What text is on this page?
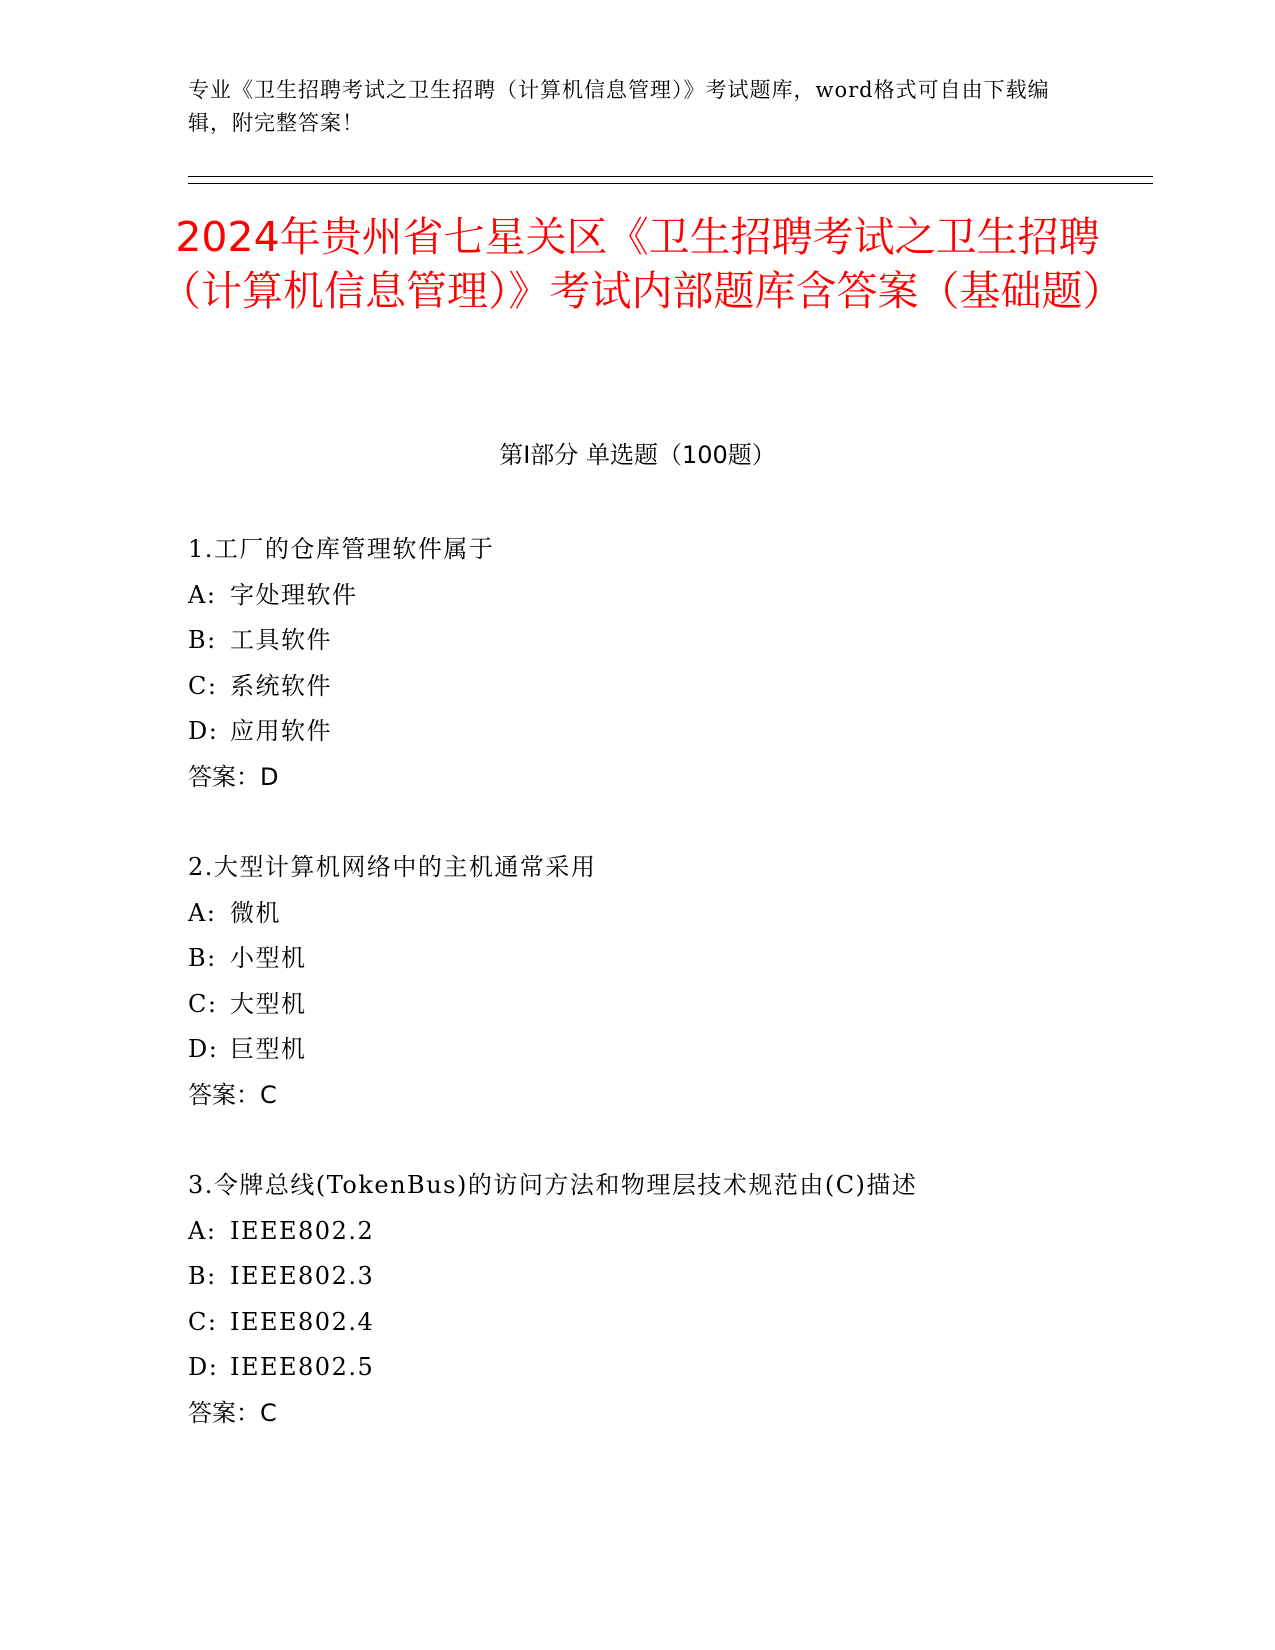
专业《卫生招聘考试之卫生招聘（计算机信息管理）》考试题库，word格式可自由下载编辑，附完整答案！

2024年贵州省七星关区《卫生招聘考试之卫生招聘（计算机信息管理）》考试内部题库含答案（基础题）
第Ⅰ部分 单选题（100题）
1.工厂的仓库管理软件属于
A: 字处理软件
B: 工具软件
C: 系统软件
D: 应用软件
答案：D
2.大型计算机网络中的主机通常采用
A: 微机
B: 小型机
C: 大型机
D: 巨型机
答案：C
3.令牌总线(TokenBus)的访问方法和物理层技术规范由(C)描述
A: IEEE802.2
B: IEEE802.3
C: IEEE802.4
D: IEEE802.5
答案：C
